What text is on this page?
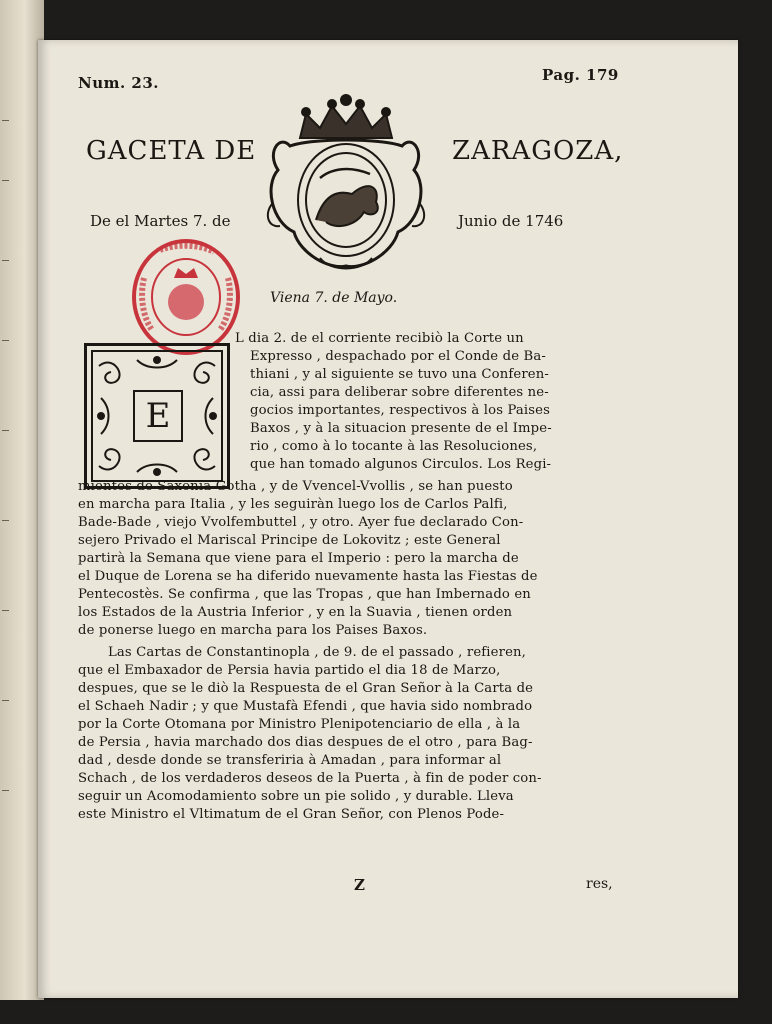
Num. 23.	Pag. 179
GACETA DE	ZARAGOZA,
De el Martes 7. de	Junio de 1746
E
Viena 7. de Mayo.
L dia 2. de el corriente recibiò la Corte un
Expresso , despachado por el Conde de Ba-
thiani , y al siguiente se tuvo una Conferen-
cia, assi para deliberar sobre diferentes ne-
gocios importantes, respectivos à los Paises
Baxos , y à la situacion presente de el Impe-
rio , como à lo tocante à las Resoluciones,
que han tomado algunos Circulos. Los Regi-
mientos de Saxonia-Gotha , y de Vvencel-Vvollis , se han puesto
en marcha para Italia , y les seguiràn luego los de Carlos Palfi,
Bade-Bade , viejo Vvolfembuttel , y otro. Ayer fue declarado Con-
sejero Privado el Mariscal Principe de Lokovitz ; este General
partirà la Semana que viene para el Imperio : pero la marcha de
el Duque de Lorena se ha diferido nuevamente hasta las Fiestas de
Pentecostès. Se confirma , que las Tropas , que han Imbernado en
los Estados de la Austria Inferior , y en la Suavia , tienen orden
de ponerse luego en marcha para los Paises Baxos.
Las Cartas de Constantinopla , de 9. de el passado , refieren,
que el Embaxador de Persia havia partido el dia 18 de Marzo,
despues, que se le diò la Respuesta de el Gran Señor à la Carta de
el Schaeh Nadir ; y que Mustafà Efendi , que havia sido nombrado
por la Corte Otomana por Ministro Plenipotenciario de ella , à la
de Persia , havia marchado dos dias despues de el otro , para Bag-
dad , desde donde se transferiria à Amadan , para informar al
Schach , de los verdaderos deseos de la Puerta , à fin de poder con-
seguir un Acomodamiento sobre un pie solido , y durable. Lleva
este Ministro el Vltimatum de el Gran Señor, con Plenos Pode-
Z	res,
